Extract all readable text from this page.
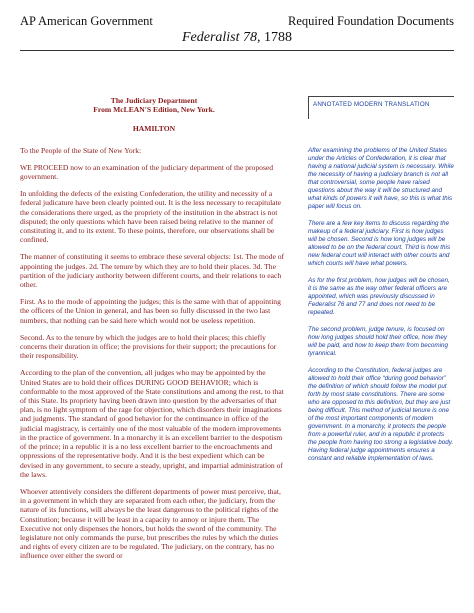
AP American Government	Required Foundation Documents
Federalist 78, 1788
The Judiciary Department
From McLEAN'S Edition, New York.
HAMILTON

To the People of the State of New York:

WE PROCEED now to an examination of the judiciary department of the proposed government.

In unfolding the defects of the existing Confederation, the utility and necessity of a federal judicature have been clearly pointed out. It is the less necessary to recapitulate the considerations there urged, as the propriety of the institution in the abstract is not disputed; the only questions which have been raised being relative to the manner of constituting it, and to its extent. To these points, therefore, our observations shall be confined.

The manner of constituting it seems to embrace these several objects: 1st. The mode of appointing the judges. 2d. The tenure by which they are to hold their places. 3d. The partition of the judiciary authority between different courts, and their relations to each other.

First. As to the mode of appointing the judges; this is the same with that of appointing the officers of the Union in general, and has been so fully discussed in the two last numbers, that nothing can be said here which would not be useless repetition.

Second. As to the tenure by which the judges are to hold their places; this chiefly concerns their duration in office; the provisions for their support; the precautions for their responsibility.

According to the plan of the convention, all judges who may be appointed by the United States are to hold their offices DURING GOOD BEHAVIOR; which is conformable to the most approved of the State constitutions and among the rest, to that of this State. Its propriety having been drawn into question by the adversaries of that plan, is no light symptom of the rage for objection, which disorders their imaginations and judgments. The standard of good behavior for the continuance in office of the judicial magistracy, is certainly one of the most valuable of the modern improvements in the practice of government. In a monarchy it is an excellent barrier to the despotism of the prince; in a republic it is a no less excellent barrier to the encroachments and oppressions of the representative body. And it is the best expedient which can be devised in any government, to secure a steady, upright, and impartial administration of the laws.

Whoever attentively considers the different departments of power must perceive, that, in a government in which they are separated from each other, the judiciary, from the nature of its functions, will always be the least dangerous to the political rights of the Constitution; because it will be least in a capacity to annoy or injure them. The Executive not only dispenses the honors, but holds the sword of the community. The legislature not only commands the purse, but prescribes the rules by which the duties and rights of every citizen are to be regulated. The judiciary, on the contrary, has no influence over either the sword or

ANNOTATED MODERN TRANSLATION

After examining the problems of the United States under the Articles of Confederation, it is clear that having a national judicial system is necessary. While the necessity of having a judiciary branch is not all that controversial, some people have raised questions about the way it will be structured and what kinds of powers it will have, so this is what this paper will focus on.

There are a few key items to discuss regarding the makeup of a federal judiciary. First is how judges will be chosen. Second is how long judges will be allowed to be on the federal court. Third is how this new federal court will interact with other courts and which courts will have what powers.

As for the first problem, how judges will be chosen, it is the same as the way other federal officers are appointed, which was previously discussed in Federalist 76 and 77 and does not need to be repeated.

The second problem, judge tenure, is focused on how long judges should hold their office, how they will be paid, and how to keep them from becoming tyrannical.

According to the Constitution, federal judges are allowed to hold their office “during good behavior” the definition of which should follow the model put forth by most state constitutions. There are some who are opposed to this definition, but they are just being difficult. This method of judicial tenure is one of the most important components of modern government. In a monarchy, it protects the people from a powerful ruler, and in a republic it protects the people from having too strong a legislative body. Having federal judge appointments ensures a constant and reliable implementation of laws.
